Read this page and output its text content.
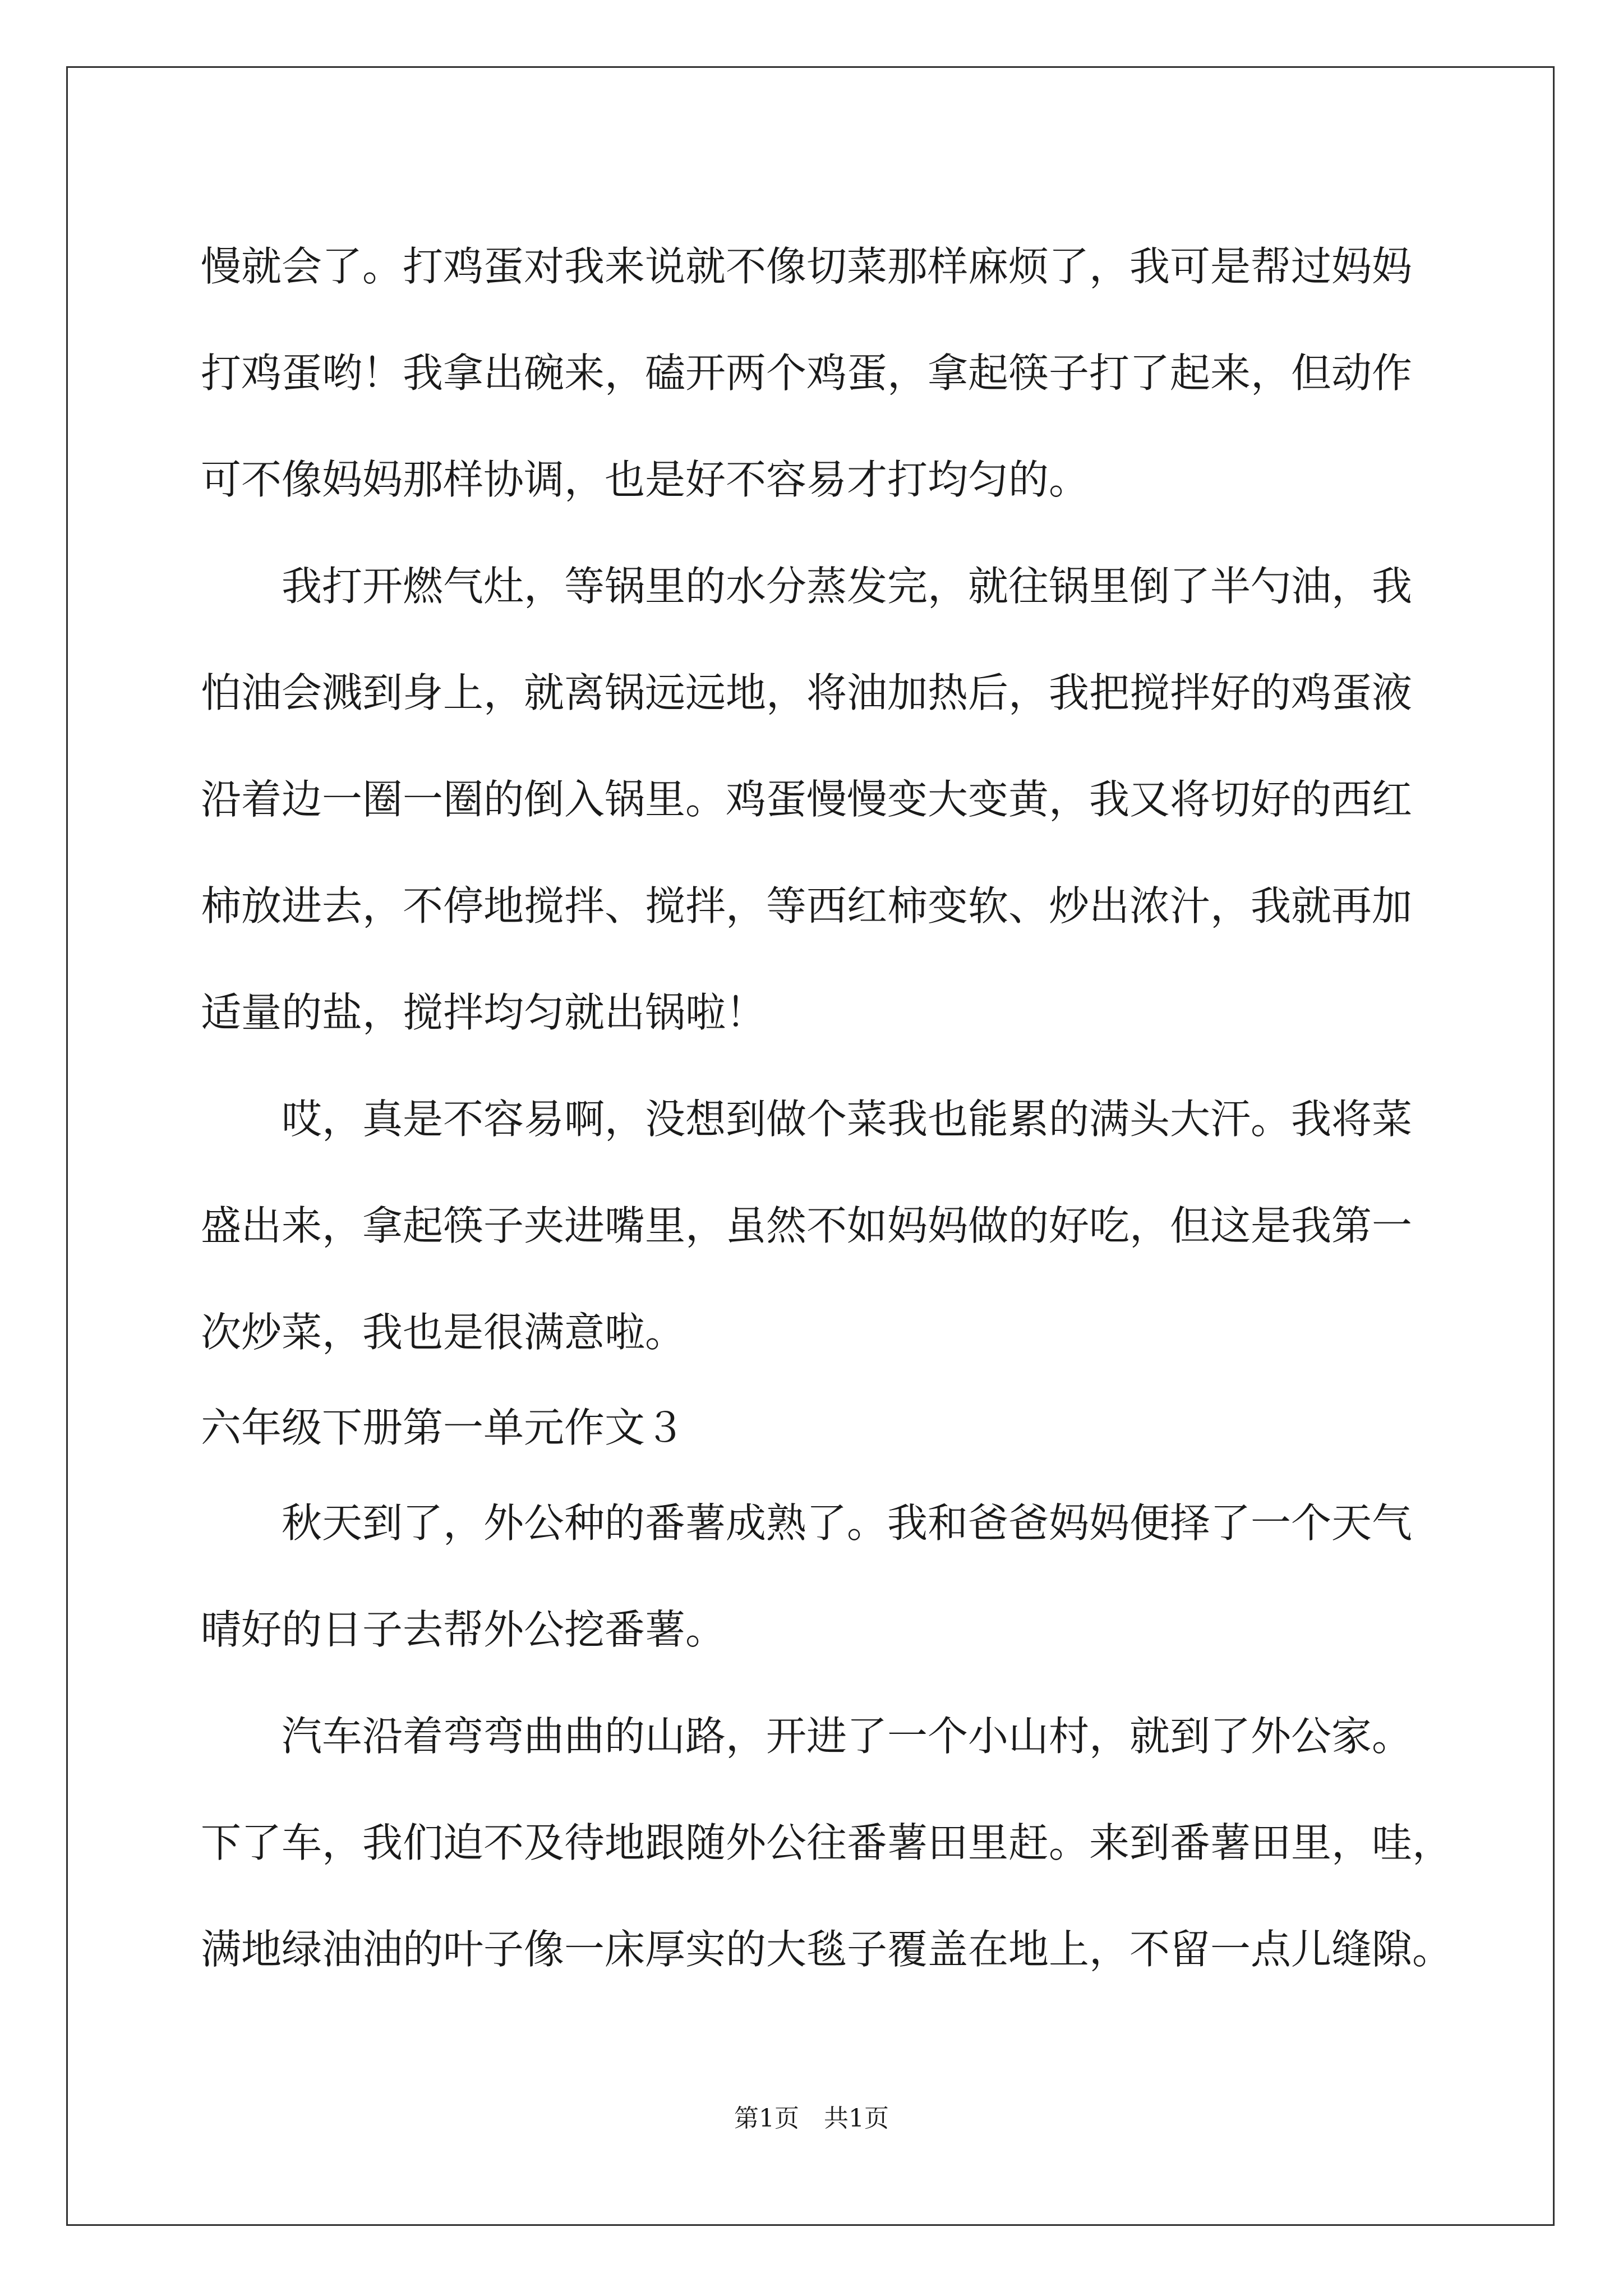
慢就会了。打鸡蛋对我来说就不像切菜那样麻烦了，我可是帮过妈妈
打鸡蛋哟！我拿出碗来，磕开两个鸡蛋，拿起筷子打了起来，但动作
可不像妈妈那样协调，也是好不容易才打均匀的。
我打开燃气灶，等锅里的水分蒸发完，就往锅里倒了半勺油，我
怕油会溅到身上，就离锅远远地，将油加热后，我把搅拌好的鸡蛋液
沿着边一圈一圈的倒入锅里。鸡蛋慢慢变大变黄，我又将切好的西红
柿放进去，不停地搅拌、搅拌，等西红柿变软、炒出浓汁，我就再加
适量的盐，搅拌均匀就出锅啦！
哎，真是不容易啊，没想到做个菜我也能累的满头大汗。我将菜
盛出来，拿起筷子夹进嘴里，虽然不如妈妈做的好吃，但这是我第一
次炒菜，我也是很满意啦。
六年级下册第一单元作文３
秋天到了，外公种的番薯成熟了。我和爸爸妈妈便择了一个天气
晴好的日子去帮外公挖番薯。
汽车沿着弯弯曲曲的山路，开进了一个小山村，就到了外公家。
下了车，我们迫不及待地跟随外公往番薯田里赶。来到番薯田里，哇，
满地绿油油的叶子像一床厚实的大毯子覆盖在地上，不留一点儿缝隙。
第1页　共1页
